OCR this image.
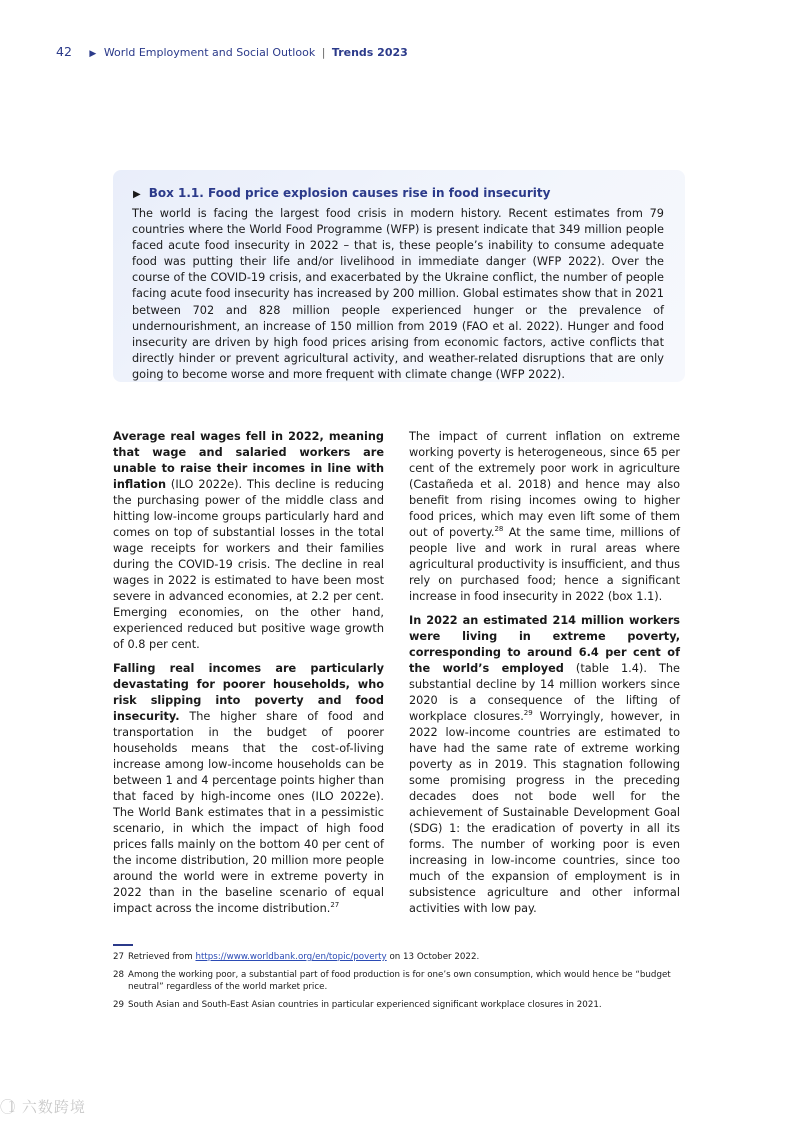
42 ▶ World Employment and Social Outlook | Trends 2023
▶ Box 1.1. Food price explosion causes rise in food insecurity
The world is facing the largest food crisis in modern history. Recent estimates from 79 countries where the World Food Programme (WFP) is present indicate that 349 million people faced acute food insecurity in 2022 – that is, these people’s inability to consume adequate food was putting their life and/or livelihood in immediate danger (WFP 2022). Over the course of the COVID-19 crisis, and exacerbated by the Ukraine conflict, the number of people facing acute food insecurity has increased by 200 million. Global estimates show that in 2021 between 702 and 828 million people experienced hunger or the prevalence of undernourishment, an increase of 150 million from 2019 (FAO et al. 2022). Hunger and food insecurity are driven by high food prices arising from economic factors, active conflicts that directly hinder or prevent agricultural activity, and weather-related disruptions that are only going to become worse and more frequent with climate change (WFP 2022).

Average real wages fell in 2022, meaning that wage and salaried workers are unable to raise their incomes in line with inflation (ILO 2022e). This decline is reducing the purchasing power of the middle class and hitting low-income groups particularly hard and comes on top of substantial losses in the total wage receipts for workers and their families during the COVID-19 crisis. The decline in real wages in 2022 is estimated to have been most severe in advanced economies, at 2.2 per cent. Emerging economies, on the other hand, experienced reduced but positive wage growth of 0.8 per cent.

Falling real incomes are particularly devastating for poorer households, who risk slipping into poverty and food insecurity. The higher share of food and transportation in the budget of poorer households means that the cost-of-living increase among low-income households can be between 1 and 4 percentage points higher than that faced by high-income ones (ILO 2022e). The World Bank estimates that in a pessimistic scenario, in which the impact of high food prices falls mainly on the bottom 40 per cent of the income distribution, 20 million more people around the world were in extreme poverty in 2022 than in the baseline scenario of equal impact across the income distribution.$^{27}$

The impact of current inflation on extreme working poverty is heterogeneous, since 65 per cent of the extremely poor work in agriculture (Castañeda et al. 2018) and hence may also benefit from rising incomes owing to higher food prices, which may even lift some of them out of poverty.$^{28}$ At the same time, millions of people live and work in rural areas where agricultural productivity is insufficient, and thus rely on purchased food; hence a significant increase in food insecurity in 2022 (box 1.1).

In 2022 an estimated 214 million workers were living in extreme poverty, corresponding to around 6.4 per cent of the world’s employed (table 1.4). The substantial decline by 14 million workers since 2020 is a consequence of the lifting of workplace closures.$^{29}$ Worryingly, however, in 2022 low-income countries are estimated to have had the same rate of extreme working poverty as in 2019. This stagnation following some promising progress in the preceding decades does not bode well for the achievement of Sustainable Development Goal (SDG) 1: the eradication of poverty in all its forms. The number of working poor is even increasing in low-income countries, since too much of the expansion of employment is in subsistence agriculture and other informal activities with low pay.

27 Retrieved from https://www.worldbank.org/en/topic/poverty on 13 October 2022.
28 Among the working poor, a substantial part of food production is for one’s own consumption, which would hence be “budget neutral” regardless of the world market price.
29 South Asian and South-East Asian countries in particular experienced significant workplace closures in 2021.
1⃝ 六数跨境
